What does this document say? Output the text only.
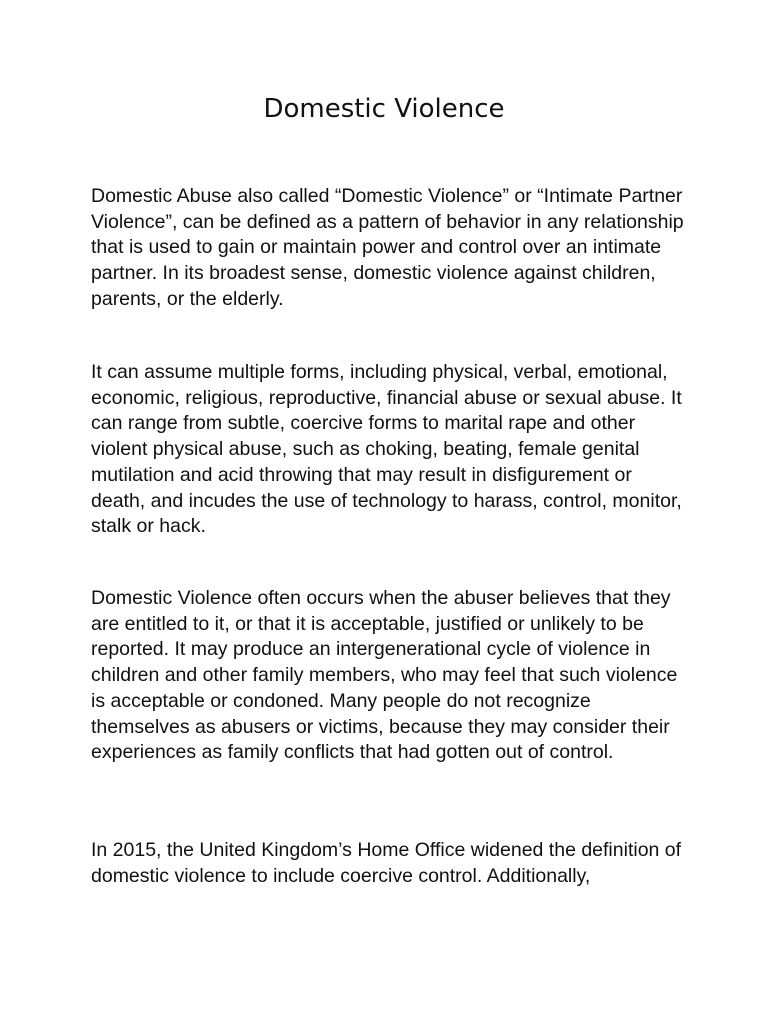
Domestic Violence

Domestic Abuse also called “Domestic Violence” or “Intimate Partner Violence”, can be defined as a pattern of behavior in any relationship that is used to gain or maintain power and control over an intimate partner. In its broadest sense, domestic violence against children, parents, or the elderly.

It can assume multiple forms, including physical, verbal, emotional, economic, religious, reproductive, financial abuse or sexual abuse. It can range from subtle, coercive forms to marital rape and other violent physical abuse, such as choking, beating, female genital mutilation and acid throwing that may result in disfigurement or death, and incudes the use of technology to harass, control, monitor, stalk or hack.

Domestic Violence often occurs when the abuser believes that they are entitled to it, or that it is acceptable, justified or unlikely to be reported. It may produce an intergenerational cycle of violence in children and other family members, who may feel that such violence is acceptable or condoned. Many people do not recognize themselves as abusers or victims, because they may consider their experiences as family conflicts that had gotten out of control.

In 2015, the United Kingdom’s Home Office widened the definition of domestic violence to include coercive control. Additionally,
